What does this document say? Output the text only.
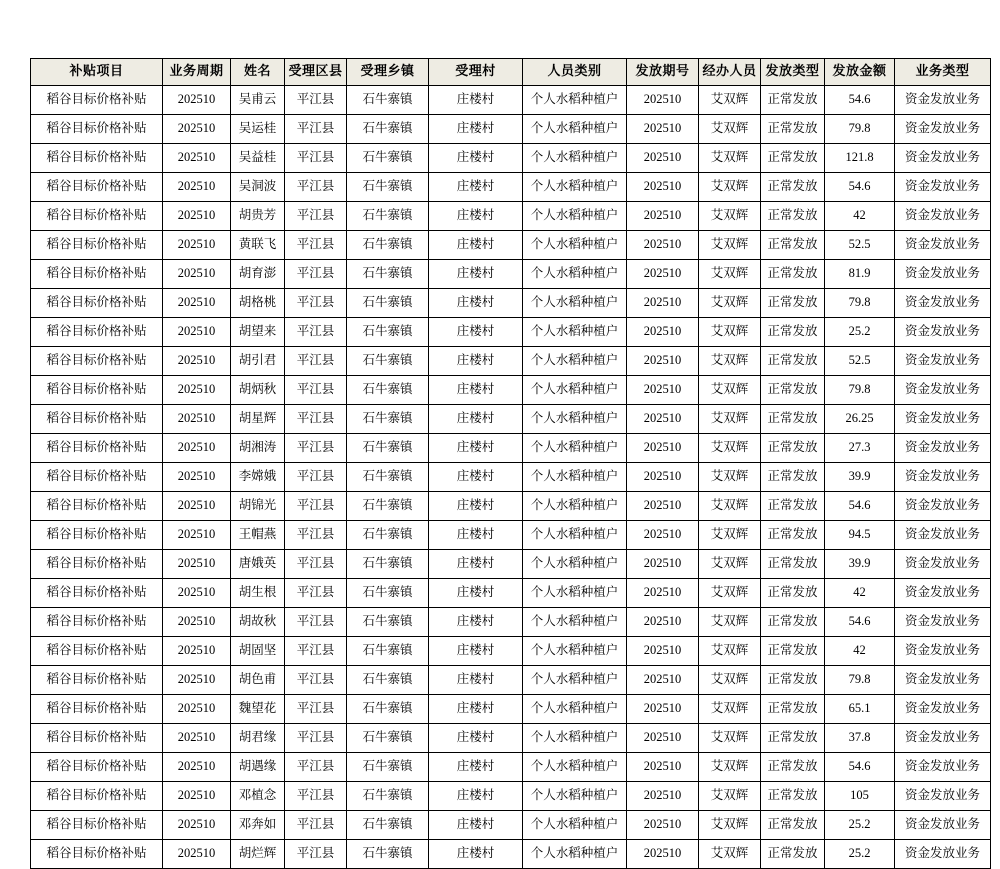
补贴项目	业务周期	姓名	受理区县	受理乡镇	受理村	人员类别	发放期号	经办人员	发放类型	发放金额	业务类型
稻谷目标价格补贴	202510	吴甫云	平江县	石牛寨镇	庄楼村	个人水稻种植户	202510	艾双辉	正常发放	54.6	资金发放业务
稻谷目标价格补贴	202510	吴运桂	平江县	石牛寨镇	庄楼村	个人水稻种植户	202510	艾双辉	正常发放	79.8	资金发放业务
稻谷目标价格补贴	202510	吴益桂	平江县	石牛寨镇	庄楼村	个人水稻种植户	202510	艾双辉	正常发放	121.8	资金发放业务
稻谷目标价格补贴	202510	吴洞波	平江县	石牛寨镇	庄楼村	个人水稻种植户	202510	艾双辉	正常发放	54.6	资金发放业务
稻谷目标价格补贴	202510	胡贵芳	平江县	石牛寨镇	庄楼村	个人水稻种植户	202510	艾双辉	正常发放	42	资金发放业务
稻谷目标价格补贴	202510	黄联飞	平江县	石牛寨镇	庄楼村	个人水稻种植户	202510	艾双辉	正常发放	52.5	资金发放业务
稻谷目标价格补贴	202510	胡育澎	平江县	石牛寨镇	庄楼村	个人水稻种植户	202510	艾双辉	正常发放	81.9	资金发放业务
稻谷目标价格补贴	202510	胡格桃	平江县	石牛寨镇	庄楼村	个人水稻种植户	202510	艾双辉	正常发放	79.8	资金发放业务
稻谷目标价格补贴	202510	胡望来	平江县	石牛寨镇	庄楼村	个人水稻种植户	202510	艾双辉	正常发放	25.2	资金发放业务
稻谷目标价格补贴	202510	胡引君	平江县	石牛寨镇	庄楼村	个人水稻种植户	202510	艾双辉	正常发放	52.5	资金发放业务
稻谷目标价格补贴	202510	胡炳秋	平江县	石牛寨镇	庄楼村	个人水稻种植户	202510	艾双辉	正常发放	79.8	资金发放业务
稻谷目标价格补贴	202510	胡星辉	平江县	石牛寨镇	庄楼村	个人水稻种植户	202510	艾双辉	正常发放	26.25	资金发放业务
稻谷目标价格补贴	202510	胡湘涛	平江县	石牛寨镇	庄楼村	个人水稻种植户	202510	艾双辉	正常发放	27.3	资金发放业务
稻谷目标价格补贴	202510	李嫦娥	平江县	石牛寨镇	庄楼村	个人水稻种植户	202510	艾双辉	正常发放	39.9	资金发放业务
稻谷目标价格补贴	202510	胡锦光	平江县	石牛寨镇	庄楼村	个人水稻种植户	202510	艾双辉	正常发放	54.6	资金发放业务
稻谷目标价格补贴	202510	王帽燕	平江县	石牛寨镇	庄楼村	个人水稻种植户	202510	艾双辉	正常发放	94.5	资金发放业务
稻谷目标价格补贴	202510	唐娥英	平江县	石牛寨镇	庄楼村	个人水稻种植户	202510	艾双辉	正常发放	39.9	资金发放业务
稻谷目标价格补贴	202510	胡生根	平江县	石牛寨镇	庄楼村	个人水稻种植户	202510	艾双辉	正常发放	42	资金发放业务
稻谷目标价格补贴	202510	胡故秋	平江县	石牛寨镇	庄楼村	个人水稻种植户	202510	艾双辉	正常发放	54.6	资金发放业务
稻谷目标价格补贴	202510	胡固坚	平江县	石牛寨镇	庄楼村	个人水稻种植户	202510	艾双辉	正常发放	42	资金发放业务
稻谷目标价格补贴	202510	胡色甫	平江县	石牛寨镇	庄楼村	个人水稻种植户	202510	艾双辉	正常发放	79.8	资金发放业务
稻谷目标价格补贴	202510	魏望花	平江县	石牛寨镇	庄楼村	个人水稻种植户	202510	艾双辉	正常发放	65.1	资金发放业务
稻谷目标价格补贴	202510	胡君缘	平江县	石牛寨镇	庄楼村	个人水稻种植户	202510	艾双辉	正常发放	37.8	资金发放业务
稻谷目标价格补贴	202510	胡遇缘	平江县	石牛寨镇	庄楼村	个人水稻种植户	202510	艾双辉	正常发放	54.6	资金发放业务
稻谷目标价格补贴	202510	邓植念	平江县	石牛寨镇	庄楼村	个人水稻种植户	202510	艾双辉	正常发放	105	资金发放业务
稻谷目标价格补贴	202510	邓奔如	平江县	石牛寨镇	庄楼村	个人水稻种植户	202510	艾双辉	正常发放	25.2	资金发放业务
稻谷目标价格补贴	202510	胡烂辉	平江县	石牛寨镇	庄楼村	个人水稻种植户	202510	艾双辉	正常发放	25.2	资金发放业务
